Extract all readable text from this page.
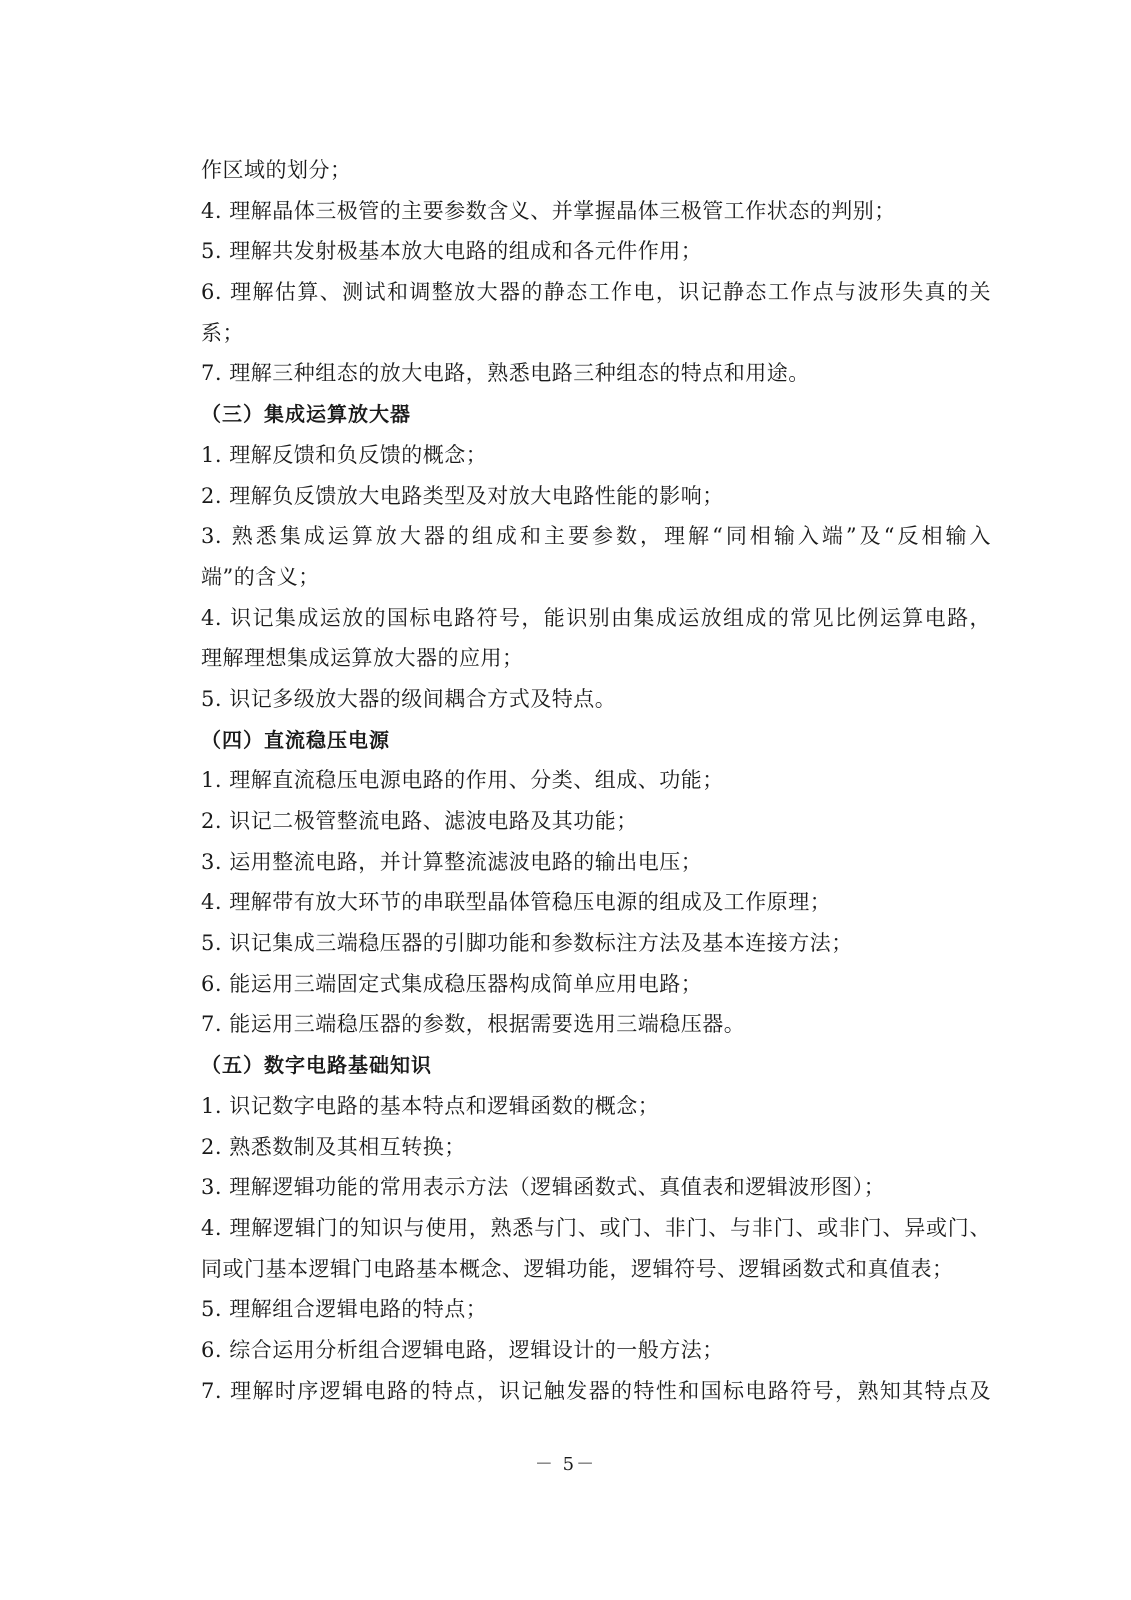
作区域的划分；
4. 理解晶体三极管的主要参数含义、并掌握晶体三极管工作状态的判别；
5. 理解共发射极基本放大电路的组成和各元件作用；
6. 理解估算、测试和调整放大器的静态工作电，识记静态工作点与波形失真的关
系；
7. 理解三种组态的放大电路，熟悉电路三种组态的特点和用途。
（三）集成运算放大器
1. 理解反馈和负反馈的概念；
2. 理解负反馈放大电路类型及对放大电路性能的影响；
3. 熟悉集成运算放大器的组成和主要参数，理解“同相输入端”及“反相输入
端”的含义；
4. 识记集成运放的国标电路符号，能识别由集成运放组成的常见比例运算电路，
理解理想集成运算放大器的应用；
5. 识记多级放大器的级间耦合方式及特点。
（四）直流稳压电源
1. 理解直流稳压电源电路的作用、分类、组成、功能；
2. 识记二极管整流电路、滤波电路及其功能；
3. 运用整流电路，并计算整流滤波电路的输出电压；
4. 理解带有放大环节的串联型晶体管稳压电源的组成及工作原理；
5. 识记集成三端稳压器的引脚功能和参数标注方法及基本连接方法；
6. 能运用三端固定式集成稳压器构成简单应用电路；
7. 能运用三端稳压器的参数，根据需要选用三端稳压器。
（五）数字电路基础知识
1. 识记数字电路的基本特点和逻辑函数的概念；
2. 熟悉数制及其相互转换；
3. 理解逻辑功能的常用表示方法（逻辑函数式、真值表和逻辑波形图）；
4. 理解逻辑门的知识与使用，熟悉与门、或门、非门、与非门、或非门、异或门、
同或门基本逻辑门电路基本概念、逻辑功能，逻辑符号、逻辑函数式和真值表；
5. 理解组合逻辑电路的特点；
6. 综合运用分析组合逻辑电路，逻辑设计的一般方法；
7. 理解时序逻辑电路的特点，识记触发器的特性和国标电路符号，熟知其特点及
－ 5－
